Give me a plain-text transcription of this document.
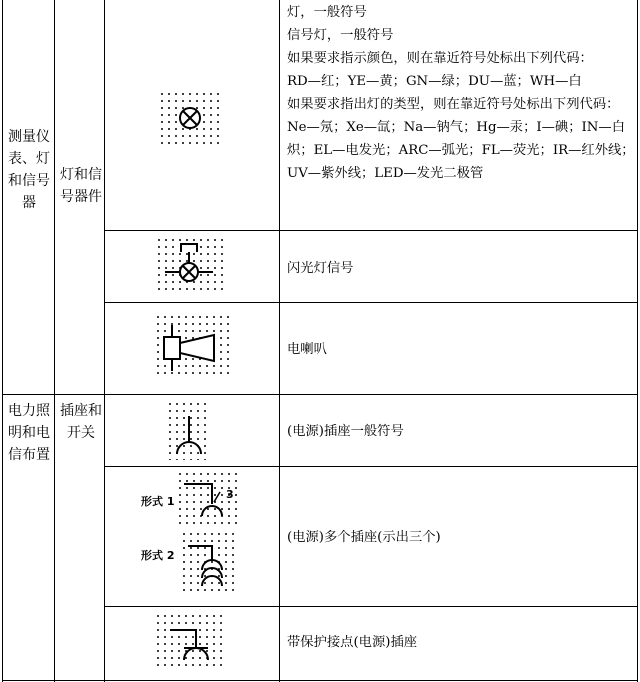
测量仪表、灯和信号器
灯和信号器件
电力照明和电信布置
插座和开关

灯，一般符号

信号灯，一般符号

如果要求指示颜色，则在靠近符号处标出下列代码：

RD—红；YE—黄；GN—绿；DU—蓝；WH—白

如果要求指出灯的类型，则在靠近符号处标出下列代码：

Ne—氖；Xe—氙；Na—钠气；Hg—汞；I—碘；IN—白炽；EL—电发光；ARC—弧光；FL—荧光；IR—红外线；UV—紫外线；LED—发光二极管

闪光灯信号

电喇叭

(电源)插座一般符号

(电源)多个插座(示出三个)

带保护接点(电源)插座

形式 1
3
形式 2
